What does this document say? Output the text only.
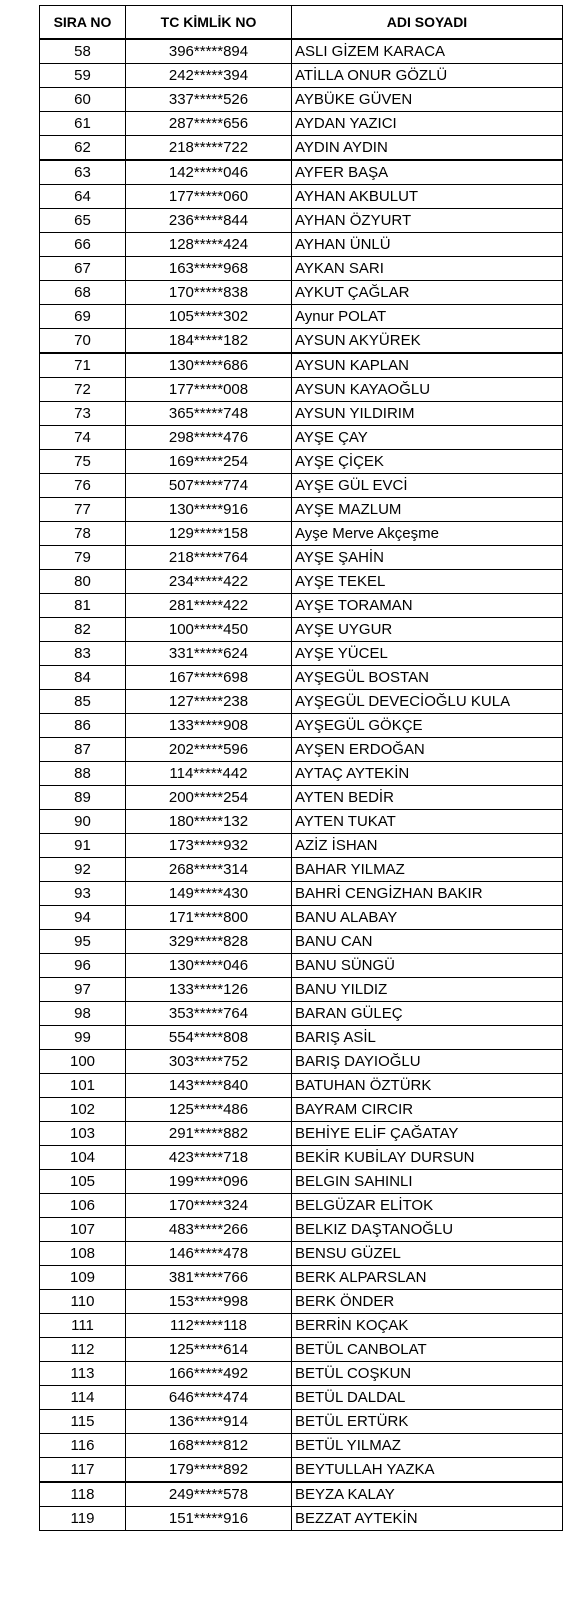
SIRA NO	TC KİMLİK NO	ADI SOYADI
58	396*****894	ASLI GİZEM KARACA
59	242*****394	ATİLLA ONUR GÖZLÜ
60	337*****526	AYBÜKE GÜVEN
61	287*****656	AYDAN YAZICI
62	218*****722	AYDIN AYDIN
63	142*****046	AYFER BAŞA
64	177*****060	AYHAN AKBULUT
65	236*****844	AYHAN ÖZYURT
66	128*****424	AYHAN ÜNLÜ
67	163*****968	AYKAN SARI
68	170*****838	AYKUT ÇAĞLAR
69	105*****302	Aynur POLAT
70	184*****182	AYSUN AKYÜREK
71	130*****686	AYSUN KAPLAN
72	177*****008	AYSUN KAYAOĞLU
73	365*****748	AYSUN YILDIRIM
74	298*****476	AYŞE ÇAY
75	169*****254	AYŞE ÇİÇEK
76	507*****774	AYŞE GÜL EVCİ
77	130*****916	AYŞE MAZLUM
78	129*****158	Ayşe Merve Akçeşme
79	218*****764	AYŞE ŞAHİN
80	234*****422	AYŞE TEKEL
81	281*****422	AYŞE TORAMAN
82	100*****450	AYŞE UYGUR
83	331*****624	AYŞE YÜCEL
84	167*****698	AYŞEGÜL BOSTAN
85	127*****238	AYŞEGÜL DEVECİOĞLU KULA
86	133*****908	AYŞEGÜL GÖKÇE
87	202*****596	AYŞEN ERDOĞAN
88	114*****442	AYTAÇ AYTEKİN
89	200*****254	AYTEN BEDİR
90	180*****132	AYTEN TUKAT
91	173*****932	AZİZ İSHAN
92	268*****314	BAHAR YILMAZ
93	149*****430	BAHRİ CENGİZHAN BAKIR
94	171*****800	BANU ALABAY
95	329*****828	BANU CAN
96	130*****046	BANU SÜNGÜ
97	133*****126	BANU YILDIZ
98	353*****764	BARAN GÜLEÇ
99	554*****808	BARIŞ ASİL
100	303*****752	BARIŞ DAYIOĞLU
101	143*****840	BATUHAN ÖZTÜRK
102	125*****486	BAYRAM CIRCIR
103	291*****882	BEHİYE ELİF ÇAĞATAY
104	423*****718	BEKİR KUBİLAY DURSUN
105	199*****096	BELGIN SAHINLI
106	170*****324	BELGÜZAR ELİTOK
107	483*****266	BELKIZ DAŞTANOĞLU
108	146*****478	BENSU GÜZEL
109	381*****766	BERK ALPARSLAN
110	153*****998	BERK ÖNDER
111	112*****118	BERRİN KOÇAK
112	125*****614	BETÜL CANBOLAT
113	166*****492	BETÜL COŞKUN
114	646*****474	BETÜL DALDAL
115	136*****914	BETÜL ERTÜRK
116	168*****812	BETÜL YILMAZ
117	179*****892	BEYTULLAH YAZKA
118	249*****578	BEYZA KALAY
119	151*****916	BEZZAT AYTEKİN
